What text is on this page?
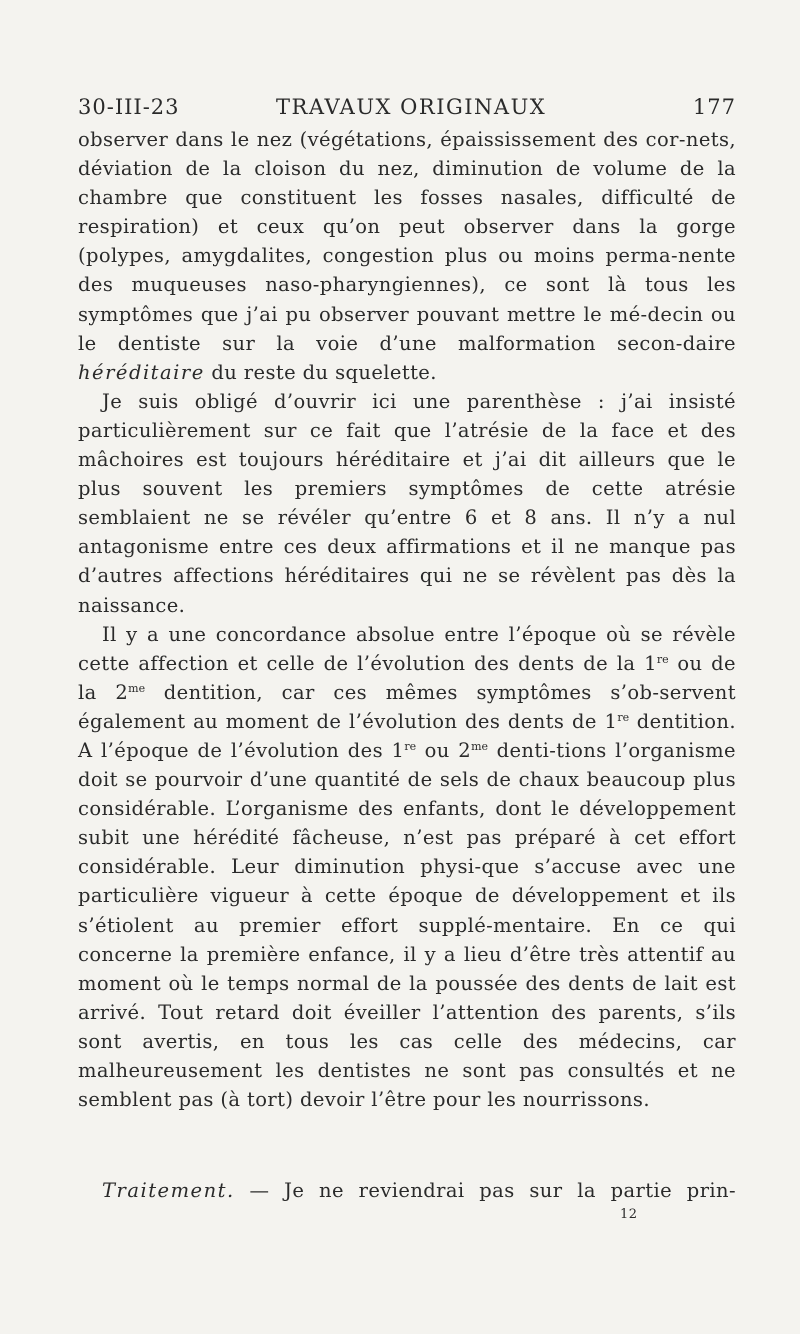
30-III-23	TRAVAUX ORIGINAUX	177

observer dans le nez (végétations, épaississement des cor-nets, déviation de la cloison du nez, diminution de volume de la chambre que constituent les fosses nasales, difficulté de respiration) et ceux qu’on peut observer dans la gorge (polypes, amygdalites, congestion plus ou moins perma-nente des muqueuses naso-pharyngiennes), ce sont là tous les symptômes que j’ai pu observer pouvant mettre le mé-decin ou le dentiste sur la voie d’une malformation secon-daire héréditaire du reste du squelette.

Je suis obligé d’ouvrir ici une parenthèse : j’ai insisté particulièrement sur ce fait que l’atrésie de la face et des mâchoires est toujours héréditaire et j’ai dit ailleurs que le plus souvent les premiers symptômes de cette atrésie semblaient ne se révéler qu’entre 6 et 8 ans. Il n’y a nul antagonisme entre ces deux affirmations et il ne manque pas d’autres affections héréditaires qui ne se révèlent pas dès la naissance.

Il y a une concordance absolue entre l’époque où se révèle cette affection et celle de l’évolution des dents de la 1re ou de la $2^{me}$ dentition, car ces mêmes symptômes s’ob-servent également au moment de l’évolution des dents de 1re dentition. A l’époque de l’évolution des 1re ou $2^{me}$ denti-tions l’organisme doit se pourvoir d’une quantité de sels de chaux beaucoup plus considérable. L’organisme des enfants, dont le développement subit une hérédité fâcheuse, n’est pas préparé à cet effort considérable. Leur diminution physi-que s’accuse avec une particulière vigueur à cette époque de développement et ils s’étiolent au premier effort supplé-mentaire. En ce qui concerne la première enfance, il y a lieu d’être très attentif au moment où le temps normal de la poussée des dents de lait est arrivé. Tout retard doit éveiller l’attention des parents, s’ils sont avertis, en tous les cas celle des médecins, car malheureusement les dentistes ne sont pas consultés et ne semblent pas (à tort) devoir l’être pour les nourrissons.

Traitement. — Je ne reviendrai pas sur la partie prin-
12
